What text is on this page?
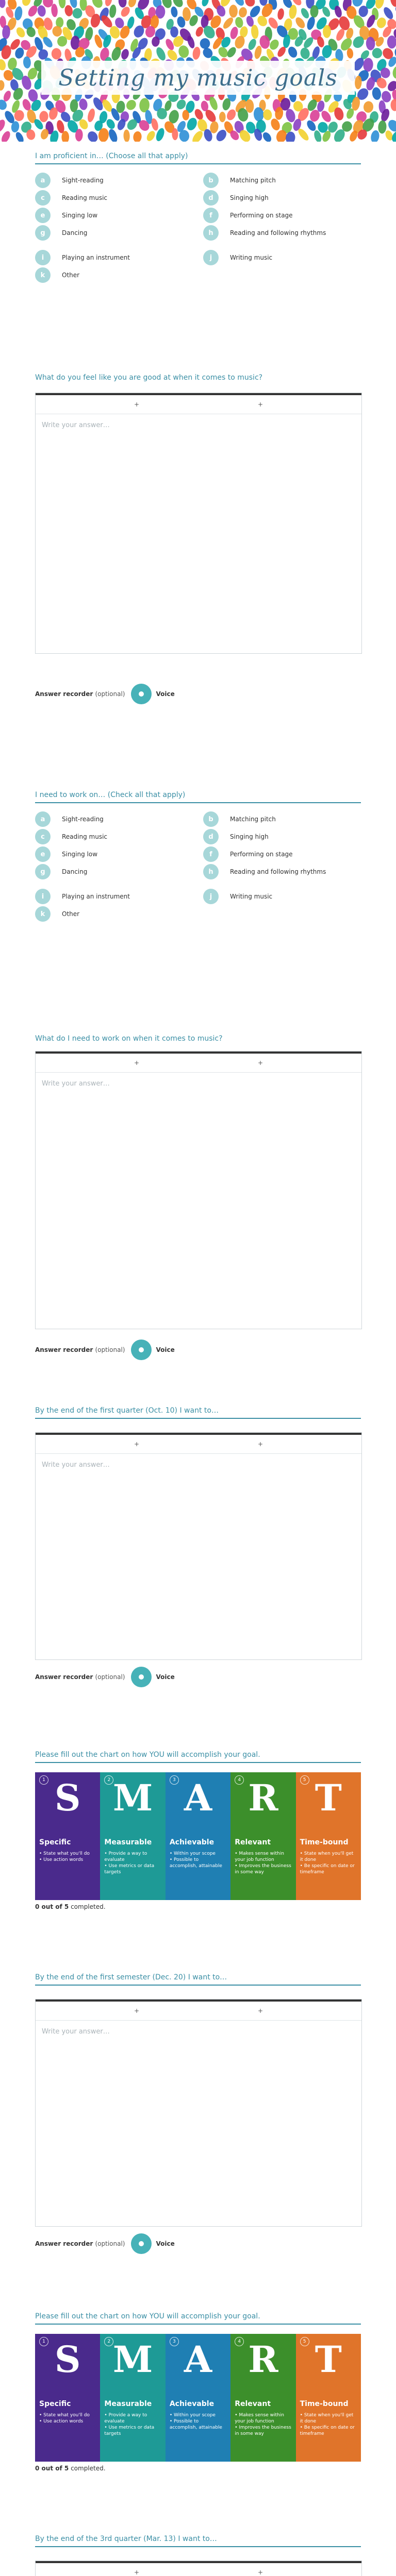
Setting my music goals
I am proficient in… (Choose all that apply)
a	Sight-reading	b	Matching pitch
c	Reading music	d	Singing high
e	Singing low	f	Performing on stage
g	Dancing	h	Reading and following rhythms
i	Playing an instrument	j	Writing music
k	Other
What do you feel like you are good at when it comes to music?
+	+
Write your answer…
Answer recorder (optional)	Voice
I need to work on… (Check all that apply)
a	Sight-reading	b	Matching pitch
c	Reading music	d	Singing high
e	Singing low	f	Performing on stage
g	Dancing	h	Reading and following rhythms
i	Playing an instrument	j	Writing music
k	Other
What do I need to work on when it comes to music?
+	+
Write your answer…
Answer recorder (optional)	Voice
By the end of the first quarter (Oct. 10) I want to…
+	+
Write your answer…
Answer recorder (optional)	Voice
By the end of the first semester (Dec. 20) I want to…
+	+
Write your answer…
Answer recorder (optional)	Voice
By the end of the 3rd quarter (Mar. 13) I want to…
+	+
Please fill out the chart on how YOU will accomplish your goal.
1 S
Specific
• State what you'll do
• Use action words
2 M
Measurable
• Provide a way to evaluate
• Use metrics or data targets
3 A
Achievable
• Within your scope
• Possible to accomplish, attainable
4 R
Relevant
• Makes sense within your job function
• Improves the business in some way
5 T
Time-bound
• State when you'll get it done
• Be specific on date or timeframe
0 out of 5 completed.
Please fill out the chart on how YOU will accomplish your goal.
1 S
Specific
• State what you'll do
• Use action words
2 M
Measurable
• Provide a way to evaluate
• Use metrics or data targets
3 A
Achievable
• Within your scope
• Possible to accomplish, attainable
4 R
Relevant
• Makes sense within your job function
• Improves the business in some way
5 T
Time-bound
• State when you'll get it done
• Be specific on date or timeframe
0 out of 5 completed.
